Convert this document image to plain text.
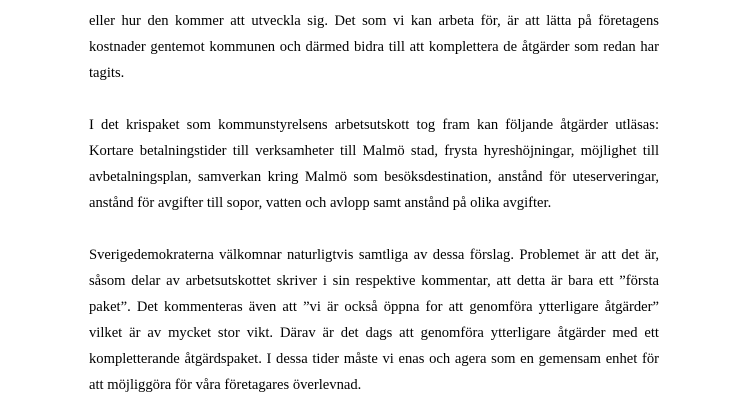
eller hur den kommer att utveckla sig. Det som vi kan arbeta för, är att lätta på företagens
kostnader gentemot kommunen och därmed bidra till att komplettera de åtgärder som redan har
tagits.
I det krispaket som kommunstyrelsens arbetsutskott tog fram kan följande åtgärder utläsas:
Kortare betalningstider till verksamheter till Malmö stad, frysta hyreshöjningar, möjlighet till
avbetalningsplan, samverkan kring Malmö som besöksdestination, anstånd för uteserveringar,
anstånd för avgifter till sopor, vatten och avlopp samt anstånd på olika avgifter.
Sverigedemokraterna välkomnar naturligtvis samtliga av dessa förslag. Problemet är att det är,
såsom delar av arbetsutskottet skriver i sin respektive kommentar, att detta är bara ett ”första
paket”. Det kommenteras även att ”vi är också öppna for att genomföra ytterligare åtgärder”
vilket är av mycket stor vikt. Därav är det dags att genomföra ytterligare åtgärder med ett
kompletterande åtgärdspaket. I dessa tider måste vi enas och agera som en gemensam enhet för
att möjliggöra för våra företagares överlevnad.
